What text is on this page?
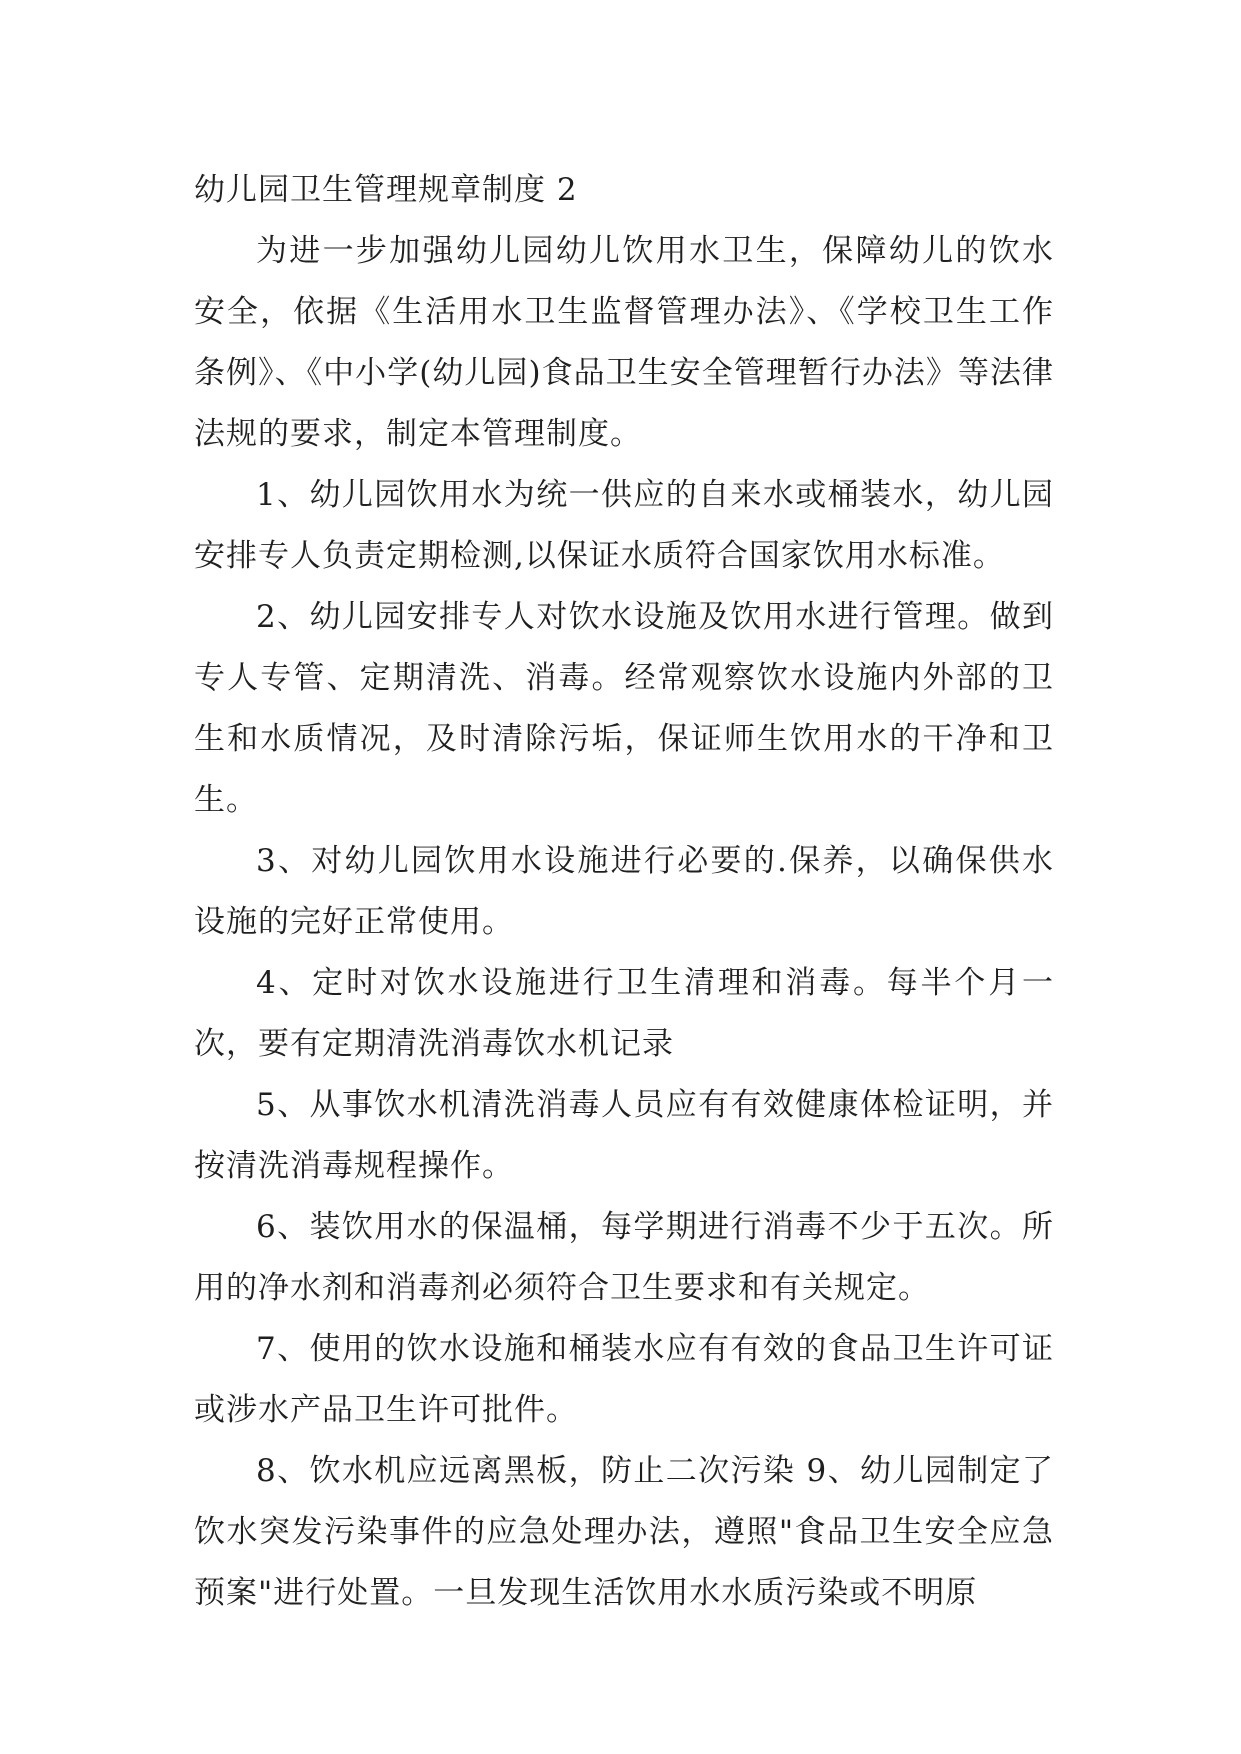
幼儿园卫生管理规章制度 2

为进一步加强幼儿园幼儿饮用水卫生，保障幼儿的饮水安全，依据《生活用水卫生监督管理办法》、《学校卫生工作条例》、《中小学(幼儿园)食品卫生安全管理暂行办法》等法律法规的要求，制定本管理制度。

1、幼儿园饮用水为统一供应的自来水或桶装水，幼儿园安排专人负责定期检测,以保证水质符合国家饮用水标准。

2、幼儿园安排专人对饮水设施及饮用水进行管理。做到专人专管、定期清洗、消毒。经常观察饮水设施内外部的卫生和水质情况，及时清除污垢，保证师生饮用水的干净和卫生。

3、对幼儿园饮用水设施进行必要的.保养，以确保供水设施的完好正常使用。

4、定时对饮水设施进行卫生清理和消毒。每半个月一次，要有定期清洗消毒饮水机记录

5、从事饮水机清洗消毒人员应有有效健康体检证明，并按清洗消毒规程操作。

6、装饮用水的保温桶，每学期进行消毒不少于五次。所用的净水剂和消毒剂必须符合卫生要求和有关规定。

7、使用的饮水设施和桶装水应有有效的食品卫生许可证或涉水产品卫生许可批件。

8、饮水机应远离黑板，防止二次污染 9、幼儿园制定了饮水突发污染事件的应急处理办法，遵照"食品卫生安全应急预案"进行处置。一旦发现生活饮用水水质污染或不明原
